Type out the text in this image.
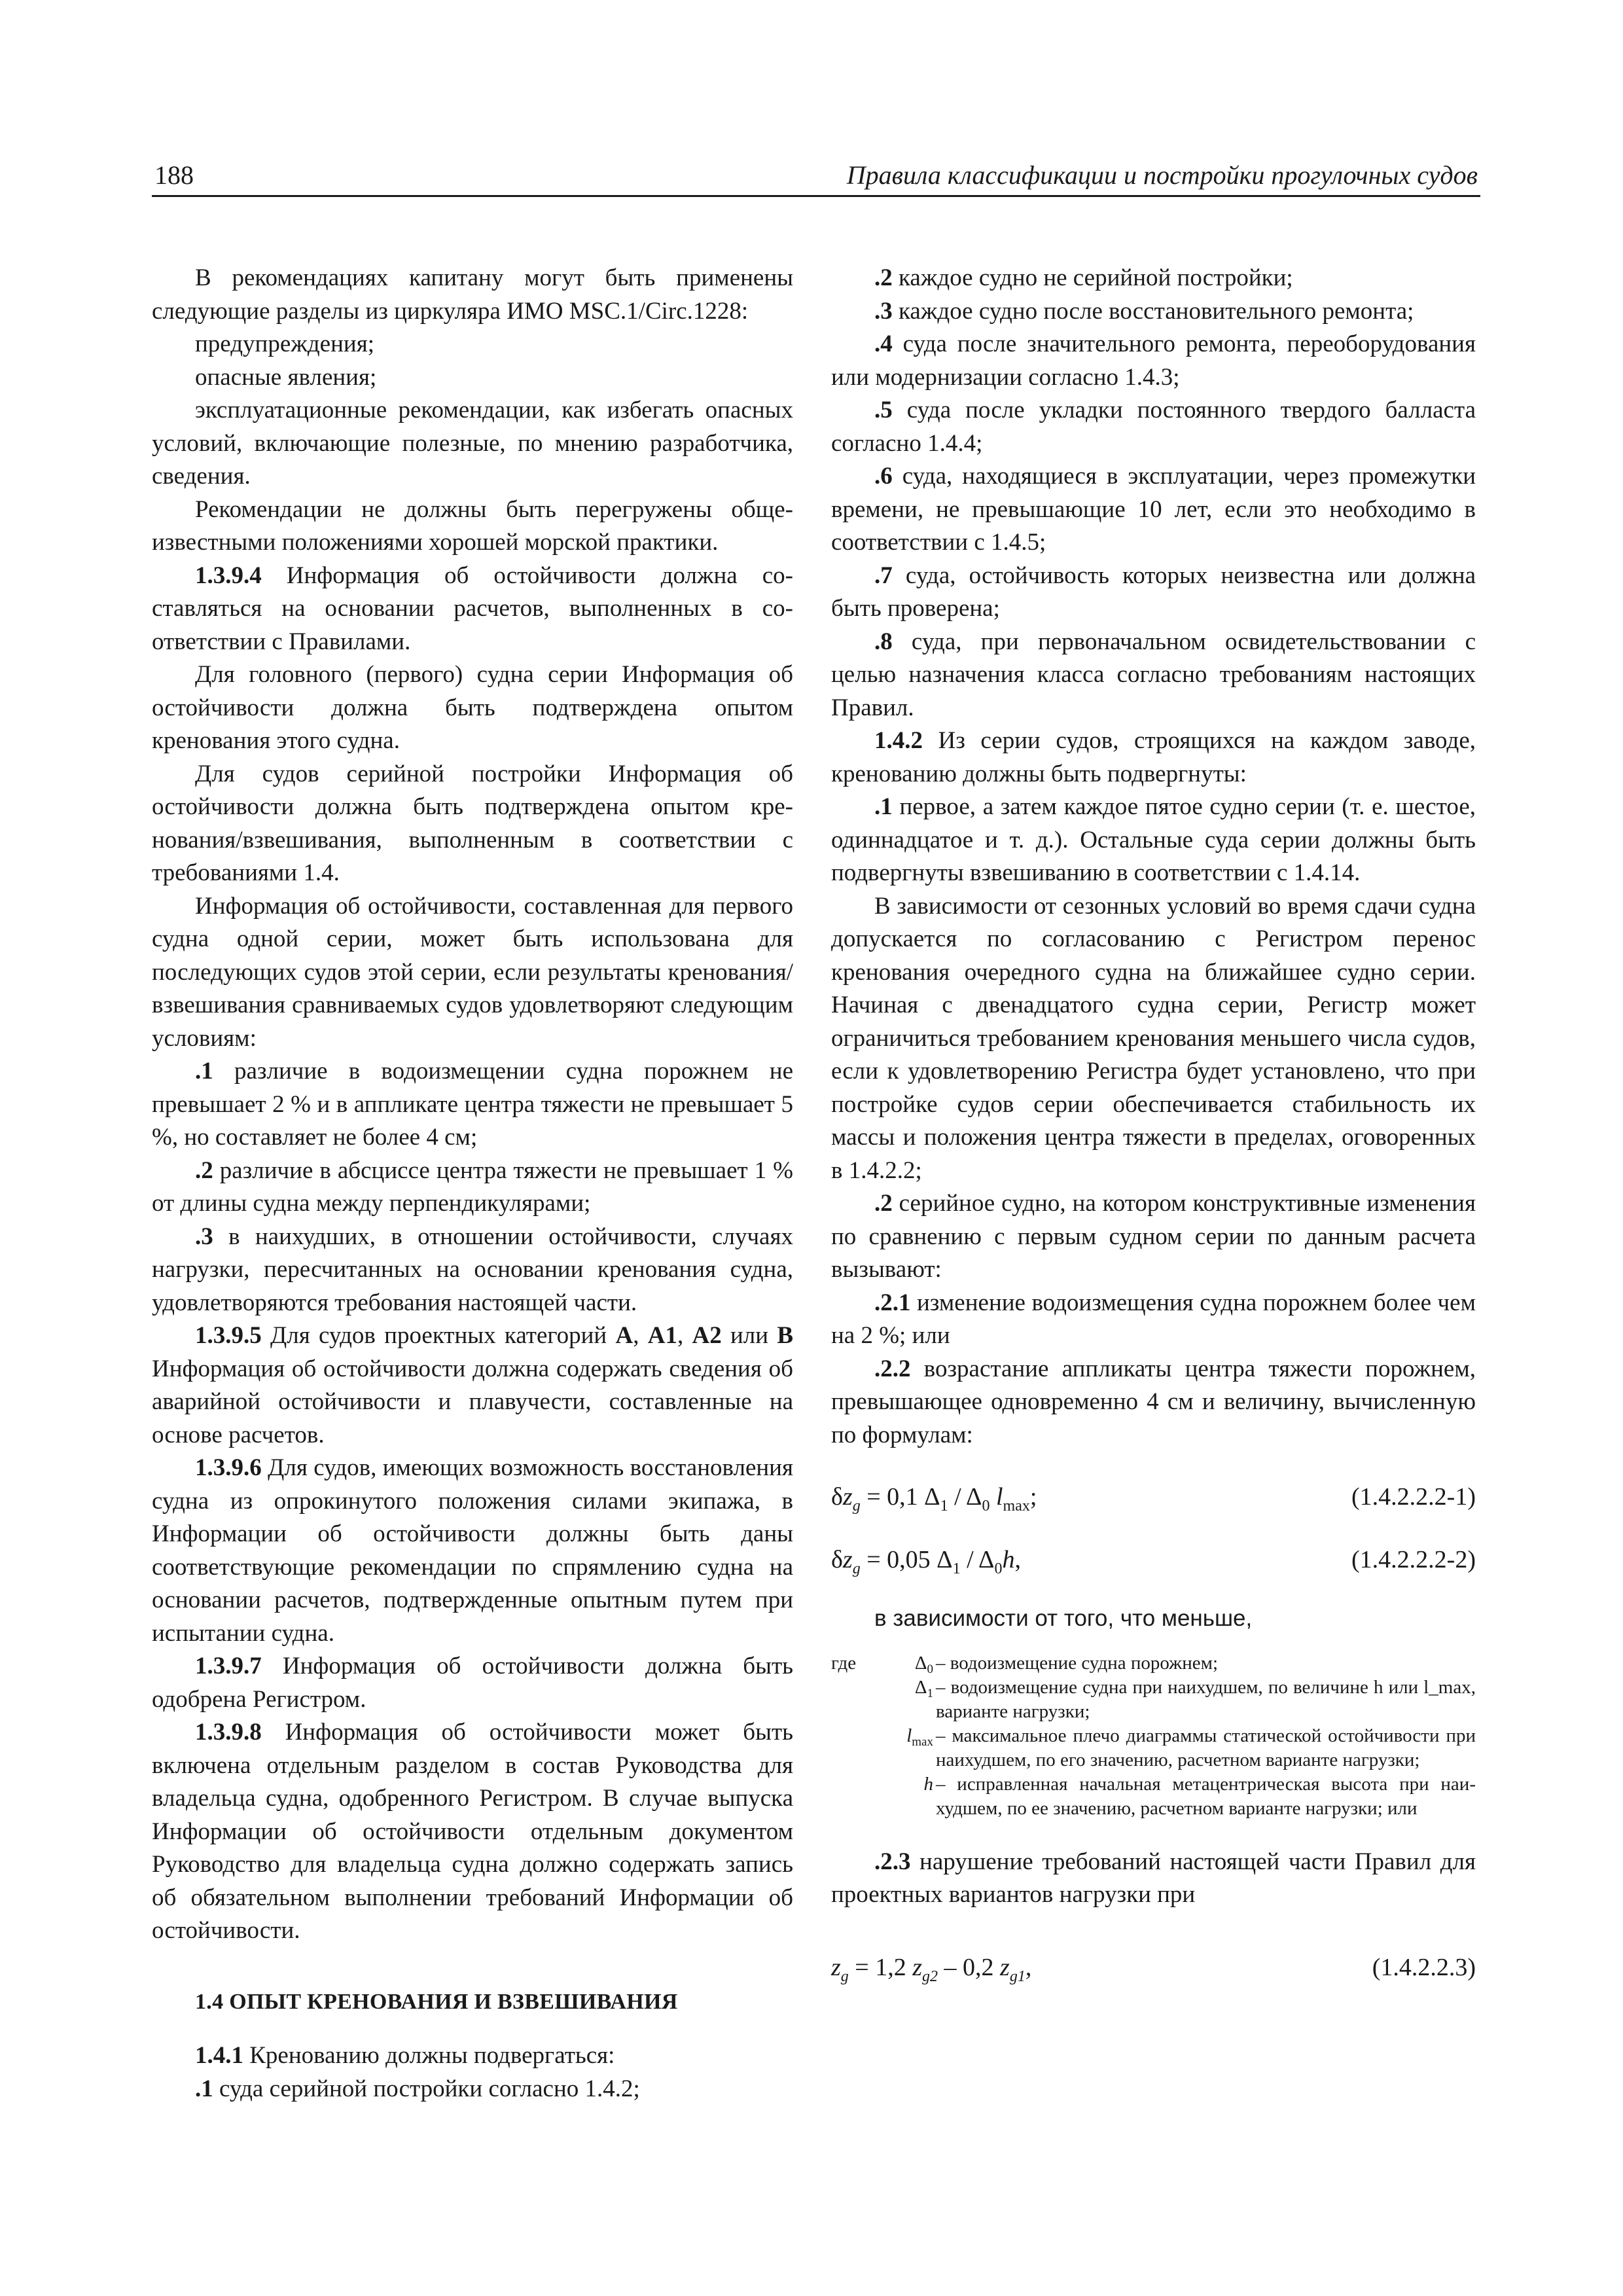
188	Правила классификации и постройки прогулочных судов

В рекомендациях капитану могут быть применены следующие разделы из циркуляра ИМО MSC.1/Circ.1228:

предупреждения;

опасные явления;

эксплуатационные рекомендации, как избегать опасных условий, включающие полезные, по мнению разработчика, сведения.

Рекомендации не должны быть перегружены общеизвестными положениями хорошей морской практики.

1.3.9.4 Информация об остойчивости должна составляться на основании расчетов, выполненных в соответствии с Правилами.

Для головного (первого) судна серии Информация об остойчивости должна быть подтверждена опытом кренования этого судна.

Для судов серийной постройки Информация об остойчивости должна быть подтверждена опытом кренования/взвешивания, выполненным в соответствии с требованиями 1.4.

Информация об остойчивости, составленная для первого судна одной серии, может быть использована для последующих судов этой серии, если результаты кренования/взвешивания сравниваемых судов удовлетворяют следующим условиям:

.1 различие в водоизмещении судна порожнем не превышает 2 % и в аппликате центра тяжести не превышает 5 %, но составляет не более 4 см;

.2 различие в абсциссе центра тяжести не превышает 1 % от длины судна между перпендикулярами;

.3 в наихудших, в отношении остойчивости, случаях нагрузки, пересчитанных на основании кренования судна, удовлетворяются требования настоящей части.

1.3.9.5 Для судов проектных категорий A, A1, A2 или B Информация об остойчивости должна содержать сведения об аварийной остойчивости и плавучести, составленные на основе расчетов.

1.3.9.6 Для судов, имеющих возможность восстановления судна из опрокинутого положения силами экипажа, в Информации об остойчивости должны быть даны соответствующие рекомендации по спрямлению судна на основании расчетов, подтвержденные опытным путем при испытании судна.

1.3.9.7 Информация об остойчивости должна быть одобрена Регистром.

1.3.9.8 Информация об остойчивости может быть включена отдельным разделом в состав Руководства для владельца судна, одобренного Регистром. В случае выпуска Информации об остойчивости отдельным документом Руководство для владельца судна должно содержать запись об обязательном выполнении требований Информации об остойчивости.

1.4 ОПЫТ КРЕНОВАНИЯ И ВЗВЕШИВАНИЯ

1.4.1 Кренованию должны подвергаться:

.1 суда серийной постройки согласно 1.4.2;

.2 каждое судно не серийной постройки;

.3 каждое судно после восстановительного ремонта;

.4 суда после значительного ремонта, переоборудования или модернизации согласно 1.4.3;

.5 суда после укладки постоянного твердого балласта согласно 1.4.4;

.6 суда, находящиеся в эксплуатации, через промежутки времени, не превышающие 10 лет, если это необходимо в соответствии с 1.4.5;

.7 суда, остойчивость которых неизвестна или должна быть проверена;

.8 суда, при первоначальном освидетельствовании с целью назначения класса согласно требованиям настоящих Правил.

1.4.2 Из серии судов, строящихся на каждом заводе, кренованию должны быть подвергнуты:

.1 первое, а затем каждое пятое судно серии (т. е. шестое, одиннадцатое и т. д.). Остальные суда серии должны быть подвергнуты взвешиванию в соответствии с 1.4.14.

В зависимости от сезонных условий во время сдачи судна допускается по согласованию с Регистром перенос кренования очередного судна на ближайшее судно серии. Начиная с двенадцатого судна серии, Регистр может ограничиться требованием кренования меньшего числа судов, если к удовлетворению Регистра будет установлено, что при постройке судов серии обеспечивается стабильность их массы и положения центра тяжести в пределах, оговоренных в 1.4.2.2;

.2 серийное судно, на котором конструктивные изменения по сравнению с первым судном серии по данным расчета вызывают:

.2.1 изменение водоизмещения судна порожнем более чем на 2 %; или

.2.2 возрастание аппликаты центра тяжести порожнем, превышающее одновременно 4 см и величину, вычисленную по формулам:

$\delta z_g = 0,1$ $\Delta_1 / \Delta_0$ $l_{max}$;	(1.4.2.2.2-1)
$\delta z_g = 0,05$ $\Delta_1 / \Delta_0h$,	(1.4.2.2.2-2)

в зависимости от того, что меньше,

где	$\Delta_0$ – водоизмещение судна порожнем;
$\Delta_1$ – водоизмещение судна при наихудшем, по величине h или l_max, варианте нагрузки;
$l_{max}$ – максимальное плечо диаграммы статической остойчивости при наихудшем, по его значению, расчетном варианте нагрузки;
h – исправленная начальная метацентрическая высота при наихудшем, по ее значению, расчетном варианте нагрузки; или

.2.3 нарушение требований настоящей части Правил для проектных вариантов нагрузки при

$z_g = 1,2$ $z_{g2} - 0,2$ $z_{g1}$,	(1.4.2.2.3)
